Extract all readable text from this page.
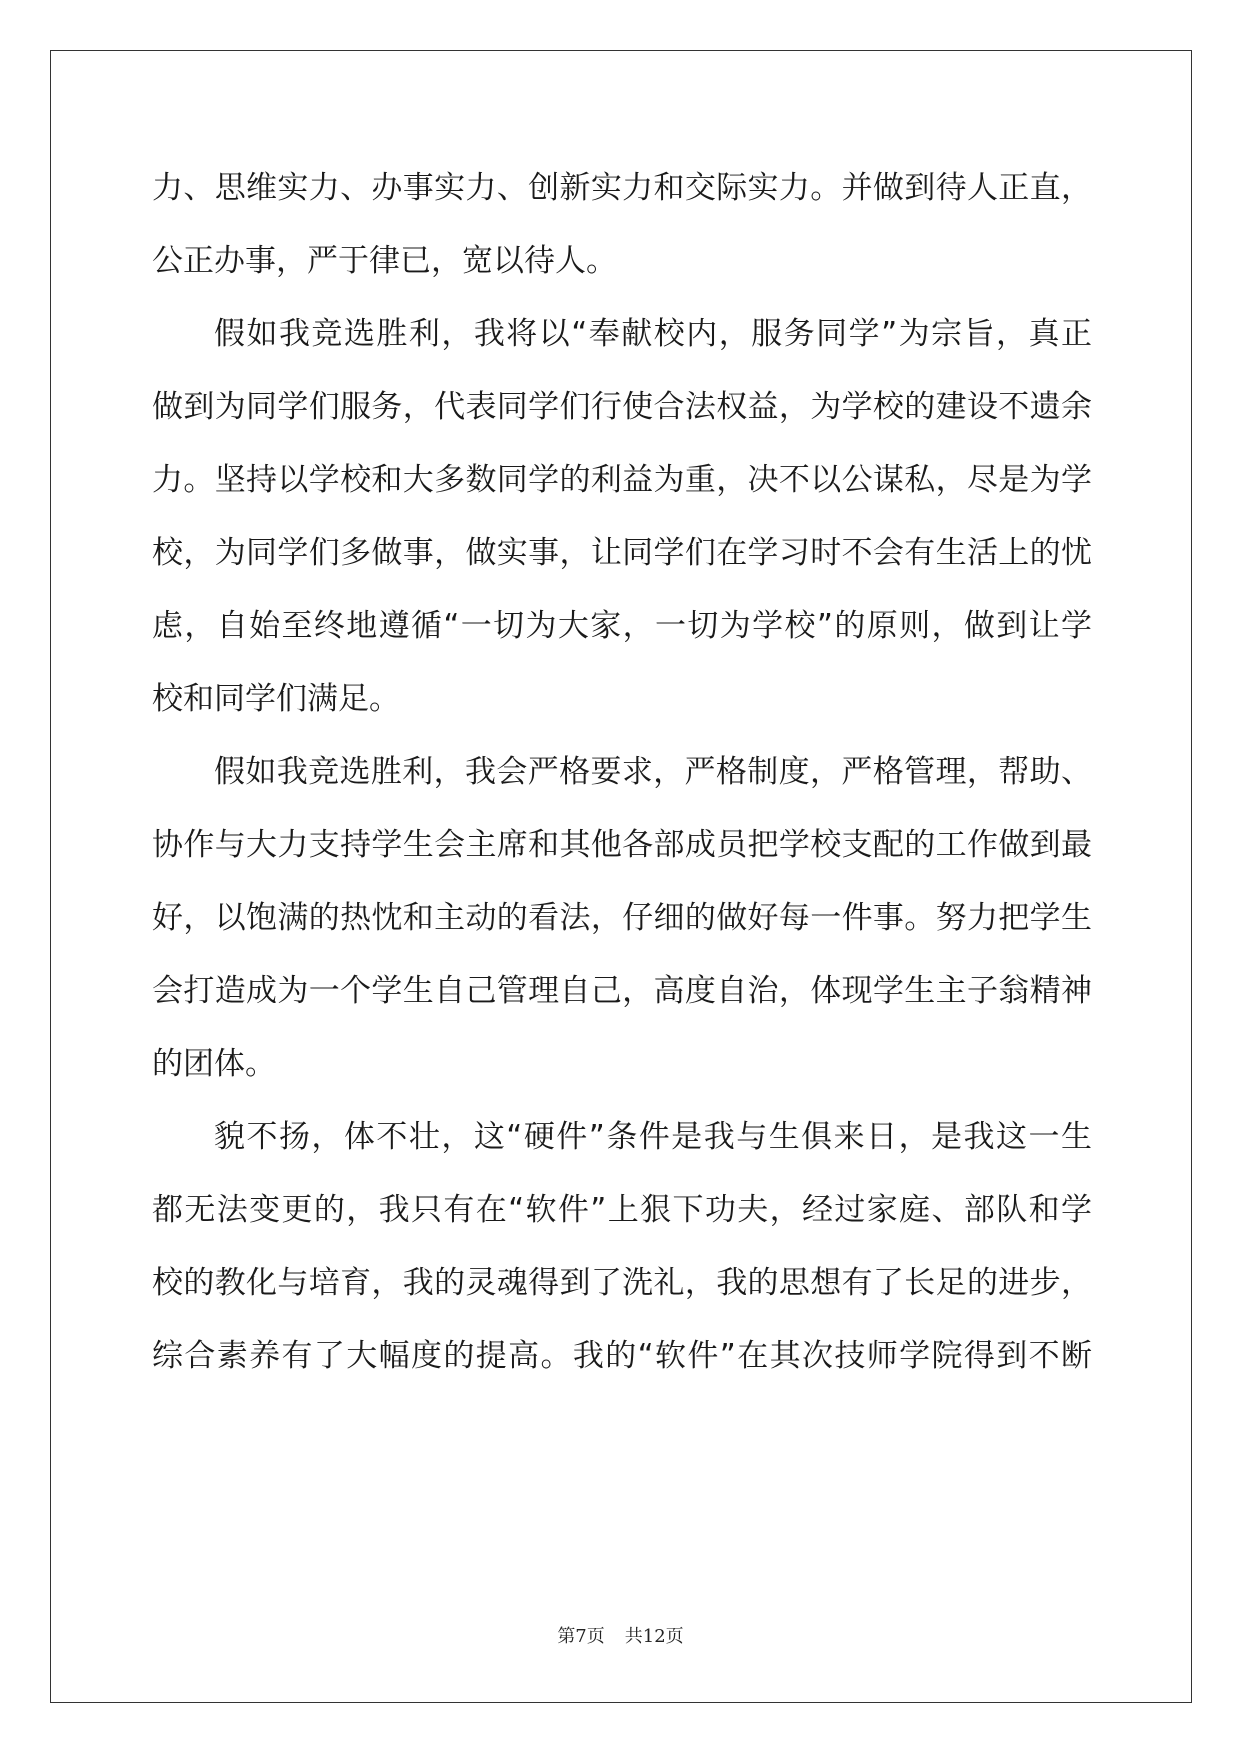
力、思维实力、办事实力、创新实力和交际实力。并做到待人正直，
公正办事，严于律已，宽以待人。
假如我竞选胜利，我将以“奉献校内，服务同学”为宗旨，真正
做到为同学们服务，代表同学们行使合法权益，为学校的建设不遗余
力。坚持以学校和大多数同学的利益为重，决不以公谋私，尽是为学
校，为同学们多做事，做实事，让同学们在学习时不会有生活上的忧
虑，自始至终地遵循“一切为大家，一切为学校”的原则，做到让学
校和同学们满足。
假如我竞选胜利，我会严格要求，严格制度，严格管理，帮助、
协作与大力支持学生会主席和其他各部成员把学校支配的工作做到最
好，以饱满的热忱和主动的看法，仔细的做好每一件事。努力把学生
会打造成为一个学生自己管理自己，高度自治，体现学生主子翁精神
的团体。
貌不扬，体不壮，这“硬件”条件是我与生俱来日，是我这一生
都无法变更的，我只有在“软件”上狠下功夫，经过家庭、部队和学
校的教化与培育，我的灵魂得到了洗礼，我的思想有了长足的进步，
综合素养有了大幅度的提高。我的“软件”在其次技师学院得到不断
第7页 共12页
